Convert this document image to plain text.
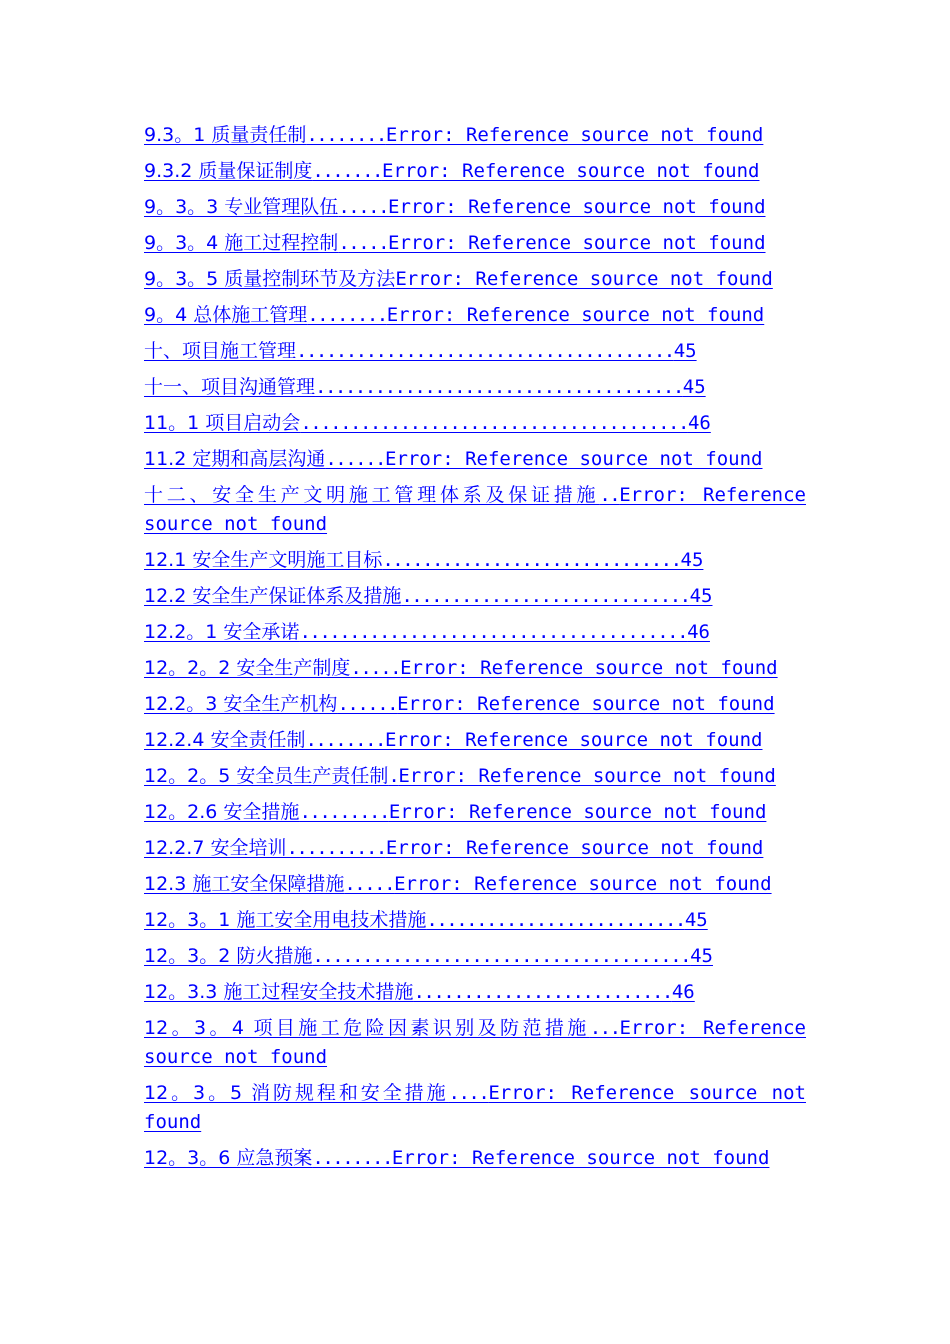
9.3。1 质量责任制........Error: Reference source not found
9.3.2 质量保证制度.......Error: Reference source not found
9。3。3 专业管理队伍.....Error: Reference source not found
9。3。4 施工过程控制.....Error: Reference source not found
9。3。5 质量控制环节及方法Error: Reference source not found
9。4 总体施工管理........Error: Reference source not found
十、项目施工管理......................................45
十一、项目沟通管理.....................................45
11。1 项目启动会.......................................46
11.2 定期和高层沟通......Error: Reference source not found
十二、安全生产文明施工管理体系及保证措施..Error: Reference source not found
12.1 安全生产文明施工目标..............................45
12.2 安全生产保证体系及措施.............................45
12.2。1 安全承诺.......................................46
12。2。2 安全生产制度.....Error: Reference source not found
12.2。3 安全生产机构......Error: Reference source not found
12.2.4 安全责任制........Error: Reference source not found
12。2。5 安全员生产责任制.Error: Reference source not found
12。2.6 安全措施.........Error: Reference source not found
12.2.7 安全培训..........Error: Reference source not found
12.3 施工安全保障措施.....Error: Reference source not found
12。3。1 施工安全用电技术措施..........................45
12。3。2 防火措施......................................45
12。3.3 施工过程安全技术措施..........................46
12。3。4 项目施工危险因素识别及防范措施...Error: Reference source not found
12。3。5 消防规程和安全措施....Error: Reference source not found
12。3。6 应急预案........Error: Reference source not found
